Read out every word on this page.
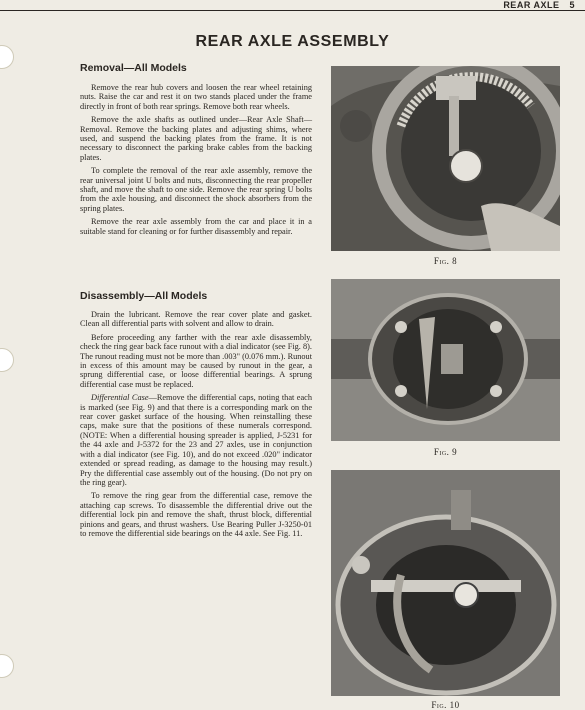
REAR AXLE 5
REAR AXLE ASSEMBLY
Removal—All Models

Remove the rear hub covers and loosen the rear wheel retaining nuts. Raise the car and rest it on two stands placed under the frame directly in front of both rear springs. Remove both rear wheels.

Remove the axle shafts as outlined under—Rear Axle Shaft—Removal. Remove the backing plates and adjusting shims, where used, and suspend the backing plates from the frame. It is not necessary to disconnect the parking brake cables from the backing plates.

To complete the removal of the rear axle assembly, remove the rear universal joint U bolts and nuts, disconnecting the rear propeller shaft, and move the shaft to one side. Remove the rear spring U bolts from the axle housing, and disconnect the shock absorbers from the spring plates.

Remove the rear axle assembly from the car and place it in a suitable stand for cleaning or for further disassembly and repair.

Disassembly—All Models

Drain the lubricant. Remove the rear cover plate and gasket. Clean all differential parts with solvent and allow to drain.

Before proceeding any farther with the rear axle disassembly, check the ring gear back face runout with a dial indicator (see Fig. 8). The runout reading must not be more than .003" (0.076 mm.). Runout in excess of this amount may be caused by runout in the gear, a sprung differential case, or loose differential bearings. A sprung differential case must be replaced.

Differential Case—Remove the differential caps, noting that each is marked (see Fig. 9) and that there is a corresponding mark on the rear cover gasket surface of the housing. When reinstalling these caps, make sure that the positions of these numerals correspond. (NOTE: When a differential housing spreader is applied, J-5231 for the 44 axle and J-5372 for the 23 and 27 axles, use in conjunction with a dial indicator (see Fig. 10), and do not exceed .020" indicator extended or spread reading, as damage to the housing may result.) Pry the differential case assembly out of the housing. (Do not pry on the ring gear).

To remove the ring gear from the differential case, remove the attaching cap screws. To disassemble the differential drive out the differential lock pin and remove the shaft, thrust block, differential pinions and gears, and thrust washers. Use Bearing Puller J-3250-01 to remove the differential side bearings on the 44 axle. See Fig. 11.

Fig. 8
Fig. 9
Fig. 10
